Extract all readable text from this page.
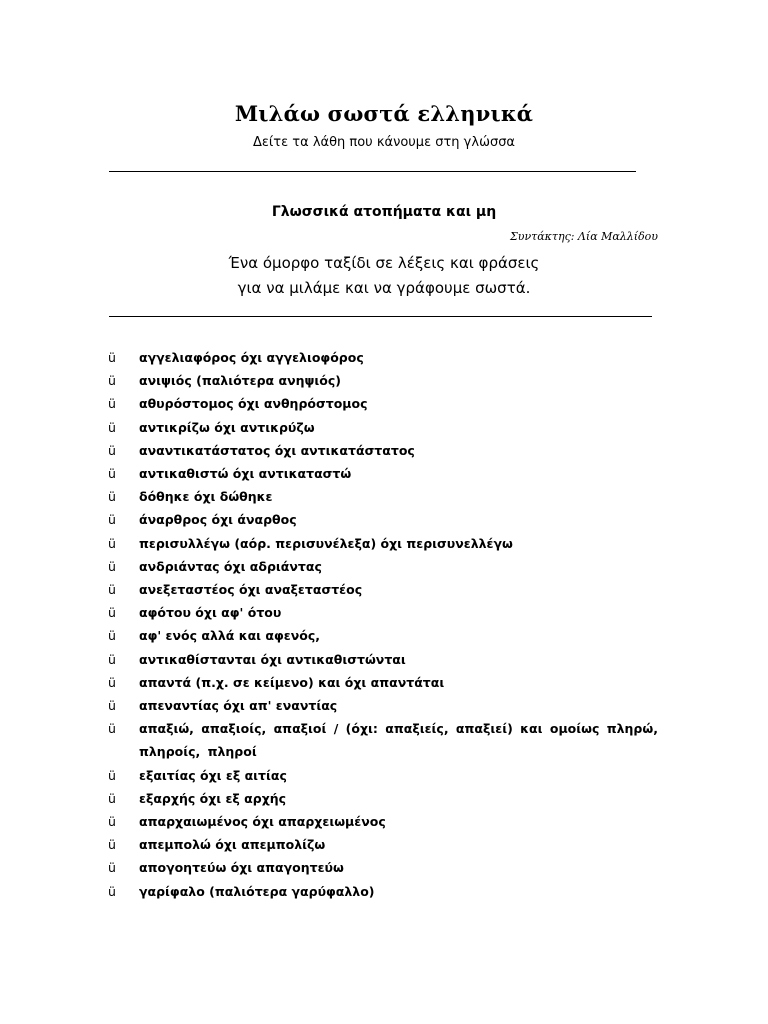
Μιλάω σωστά ελληνικά
Δείτε τα λάθη που κάνουμε στη γλώσσα
Γλωσσικά ατοπήματα και μη
Συντάκτης: Λία Μαλλίδου
Ένα όμορφο ταξίδι σε λέξεις και φράσεις
για να μιλάμε και να γράφουμε σωστά.
ü αγγελιαφόρος όχι αγγελιοφόρος
ü ανιψιός (παλιότερα ανηψιός)
ü αθυρόστομος όχι ανθηρόστομος
ü αντικρίζω όχι αντικρύζω
ü αναντικατάστατος όχι αντικατάστατος
ü αντικαθιστώ όχι αντικαταστώ
ü δόθηκε όχι δώθηκε
ü άναρθρος όχι άναρθος
ü περισυλλέγω (αόρ. περισυνέλεξα) όχι περισυνελλέγω
ü ανδριάντας όχι αδριάντας
ü ανεξεταστέος όχι αναξεταστέος
ü αφότου όχι αφ' ότου
ü αφ' ενός αλλά και αφενός,
ü αντικαθίστανται όχι αντικαθιστώνται
ü απαντά (π.χ. σε κείμενο) και όχι απαντάται
ü απεναντίας όχι απ' εναντίας
ü απαξιώ, απαξιοίς, απαξιοί / (όχι: απαξιείς, απαξιεί) και ομοίως πληρώ, πληροίς, πληροί
ü εξαιτίας όχι εξ αιτίας
ü εξαρχής όχι εξ αρχής
ü απαρχαιωμένος όχι απαρχειωμένος
ü απεμπολώ όχι απεμπολίζω
ü απογοητεύω όχι απαγοητεύω
ü γαρίφαλο (παλιότερα γαρύφαλλο)
